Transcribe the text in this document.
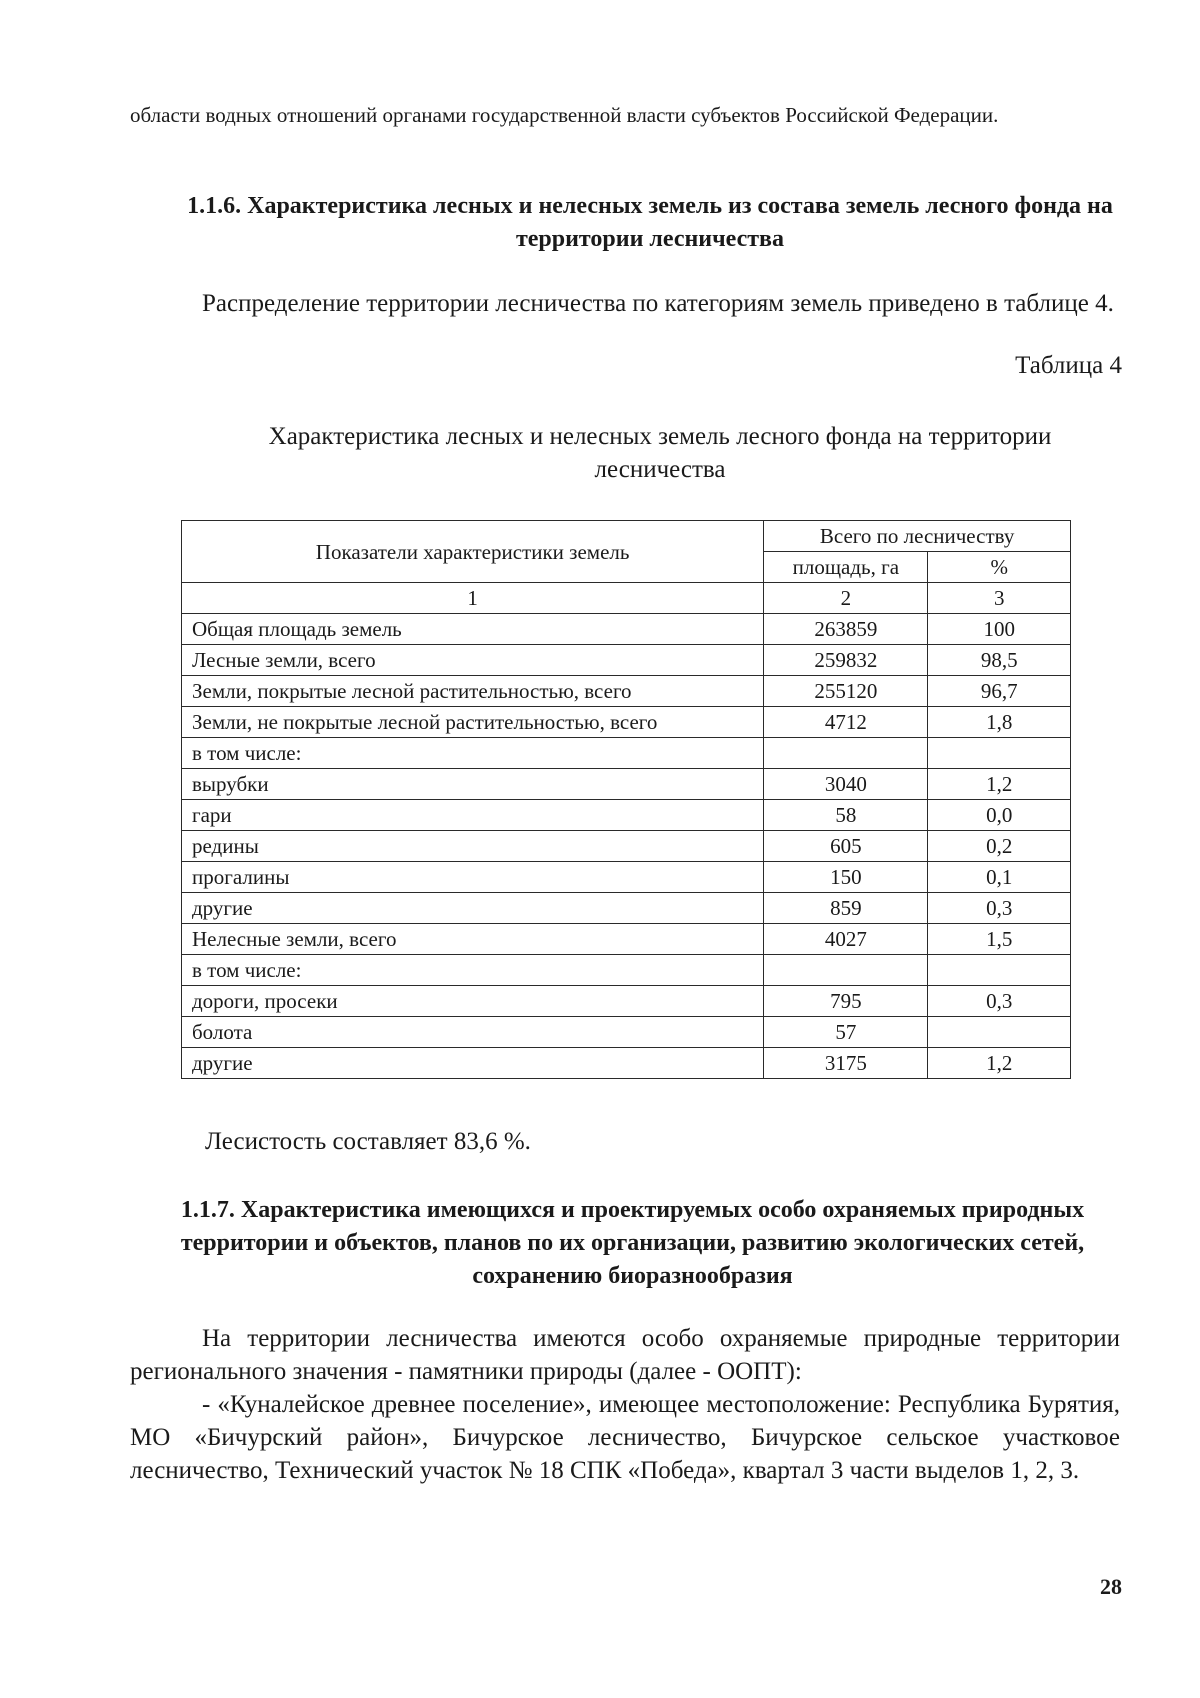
области водных отношений органами государственной власти субъектов Российской Федерации.
1.1.6. Характеристика лесных и нелесных земель из состава земель лесного фонда на территории лесничества
Распределение территории лесничества по категориям земель приведено в таблице 4.
Таблица 4
Характеристика лесных и нелесных земель лесного фонда на территории лесничества
Показатели характеристики земель	Всего по лесничеству	
	площадь, га	%
1	2	3
Общая площадь земель	263859	100
Лесные земли, всего	259832	98,5
Земли, покрытые лесной растительностью, всего	255120	96,7
Земли, не покрытые лесной растительностью, всего	4712	1,8
в том числе:		
вырубки	3040	1,2
гари	58	0,0
редины	605	0,2
прогалины	150	0,1
другие	859	0,3
Нелесные земли, всего	4027	1,5
в том числе:		
дороги, просеки	795	0,3
болота	57	
другие	3175	1,2
Лесистость составляет 83,6 %.
1.1.7. Характеристика имеющихся и проектируемых особо охраняемых природных территории и объектов, планов по их организации, развитию экологических сетей, сохранению биоразнообразия
На территории лесничества имеются особо охраняемые природные территории регионального значения - памятники природы (далее - ООПТ):
- «Куналейское древнее поселение», имеющее местоположение: Республика Бурятия, МО «Бичурский район», Бичурское лесничество, Бичурское сельское участковое лесничество, Технический участок № 18 СПК «Победа», квартал 3 части выделов 1, 2, 3.
28
